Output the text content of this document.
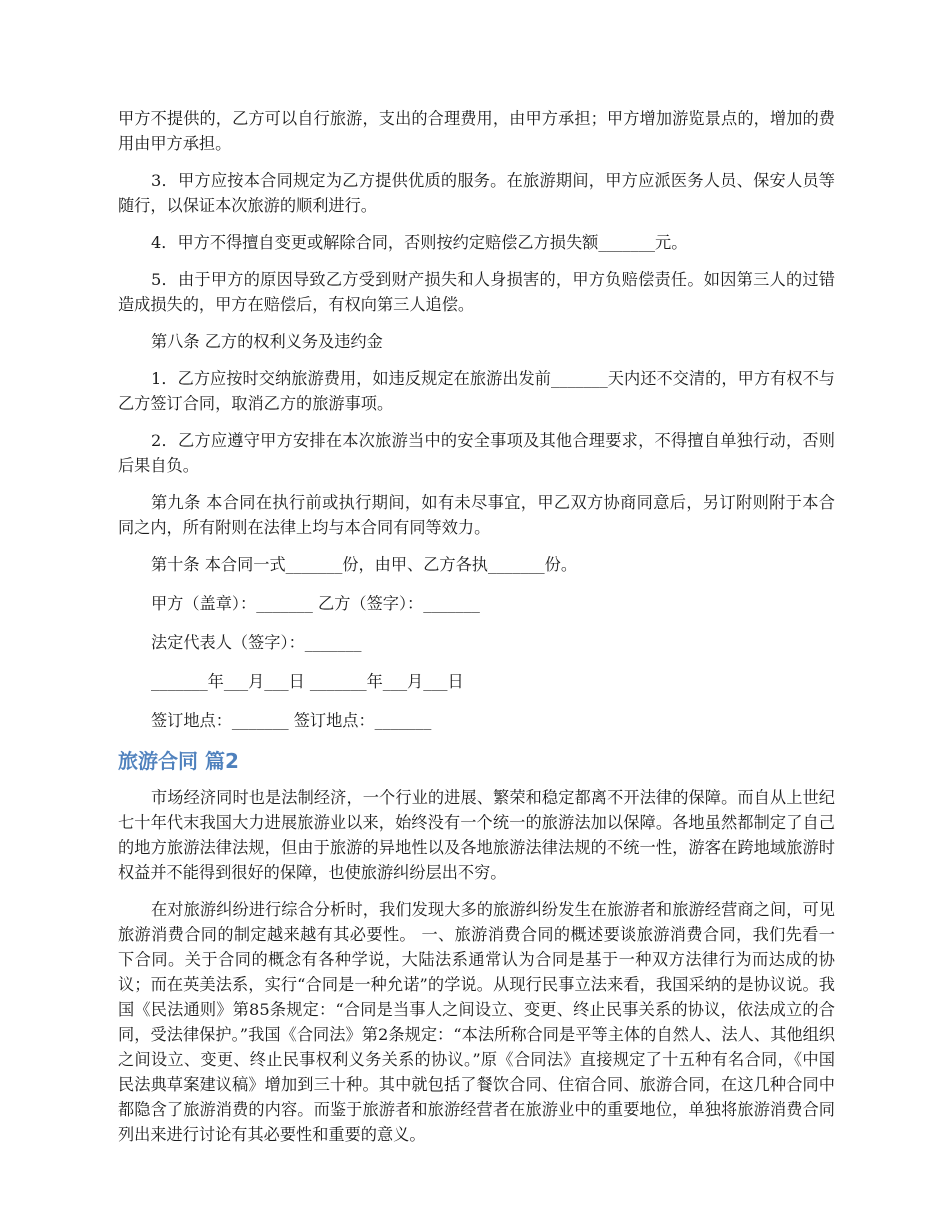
甲方不提供的，乙方可以自行旅游，支出的合理费用，由甲方承担；甲方增加游览景点的，增加的费用由甲方承担。

3．甲方应按本合同规定为乙方提供优质的服务。在旅游期间，甲方应派医务人员、保安人员等随行，以保证本次旅游的顺利进行。

4．甲方不得擅自变更或解除合同，否则按约定赔偿乙方损失额_______元。

5．由于甲方的原因导致乙方受到财产损失和人身损害的，甲方负赔偿责任。如因第三人的过错造成损失的，甲方在赔偿后，有权向第三人追偿。

第八条 乙方的权利义务及违约金

1．乙方应按时交纳旅游费用，如违反规定在旅游出发前_______天内还不交清的，甲方有权不与乙方签订合同，取消乙方的旅游事项。

2．乙方应遵守甲方安排在本次旅游当中的安全事项及其他合理要求，不得擅自单独行动，否则后果自负。

第九条 本合同在执行前或执行期间，如有未尽事宜，甲乙双方协商同意后，另订附则附于本合同之内，所有附则在法律上均与本合同有同等效力。

第十条 本合同一式_______份，由甲、乙方各执_______份。

甲方（盖章）：_______ 乙方（签字）：_______

法定代表人（签字）：_______

_______年___月___日 _______年___月___日

签订地点：_______ 签订地点：_______

旅游合同 篇2

市场经济同时也是法制经济，一个行业的进展、繁荣和稳定都离不开法律的保障。而自从上世纪七十年代末我国大力进展旅游业以来，始终没有一个统一的旅游法加以保障。各地虽然都制定了自己的地方旅游法律法规，但由于旅游的异地性以及各地旅游法律法规的不统一性，游客在跨地域旅游时权益并不能得到很好的保障，也使旅游纠纷层出不穷。

在对旅游纠纷进行综合分析时，我们发现大多的旅游纠纷发生在旅游者和旅游经营商之间，可见旅游消费合同的制定越来越有其必要性。 一、旅游消费合同的概述要谈旅游消费合同，我们先看一下合同。关于合同的概念有各种学说，大陆法系通常认为合同是基于一种双方法律行为而达成的协议；而在英美法系，实行“合同是一种允诺”的学说。从现行民事立法来看，我国采纳的是协议说。我国《民法通则》第85条规定：“合同是当事人之间设立、变更、终止民事关系的协议，依法成立的合同，受法律保护。”我国《合同法》第2条规定：“本法所称合同是平等主体的自然人、法人、其他组织之间设立、变更、终止民事权利义务关系的协议。”原《合同法》直接规定了十五种有名合同，《中国民法典草案建议稿》增加到三十种。其中就包括了餐饮合同、住宿合同、旅游合同，在这几种合同中都隐含了旅游消费的内容。而鉴于旅游者和旅游经营者在旅游业中的重要地位，单独将旅游消费合同列出来进行讨论有其必要性和重要的意义。
